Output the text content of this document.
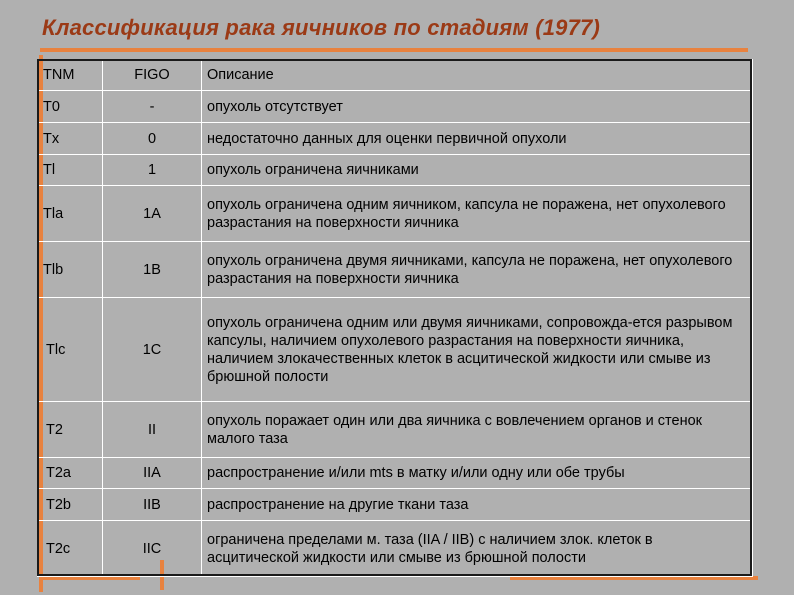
Классификация рака яичников по стадиям (1977)
TNM	FIGO	Описание
T0	-	опухоль отсутствует
Tx	0	недостаточно данных для оценки первичной опухоли
Tl	1	опухоль ограничена яичниками
Tla	1A	опухоль ограничена одним яичником, капсула не поражена, нет опухолевого разрастания на поверхности яичника
Tlb	1B	опухоль ограничена двумя яичниками, капсула не поражена, нет опухолевого разрастания на поверхности яичника
Tlc	1C	опухоль ограничена одним или двумя яичниками, сопровожда-ется разрывом капсулы, наличием опухолевого разрастания на поверхности яичника, наличием злокачественных клеток в асцитической жидкости или смыве из брюшной полости
T2	II	опухоль поражает один или два яичника с вовлечением органов и стенок малого таза
T2a	IIA	распространение и/или mts в матку и/или одну или обе трубы
T2b	IIB	распространение на другие ткани таза
T2c	IIC	ограничена пределами м. таза (IIA / IIB) с наличием злок. клеток в асцитической жидкости или смыве из брюшной полости
